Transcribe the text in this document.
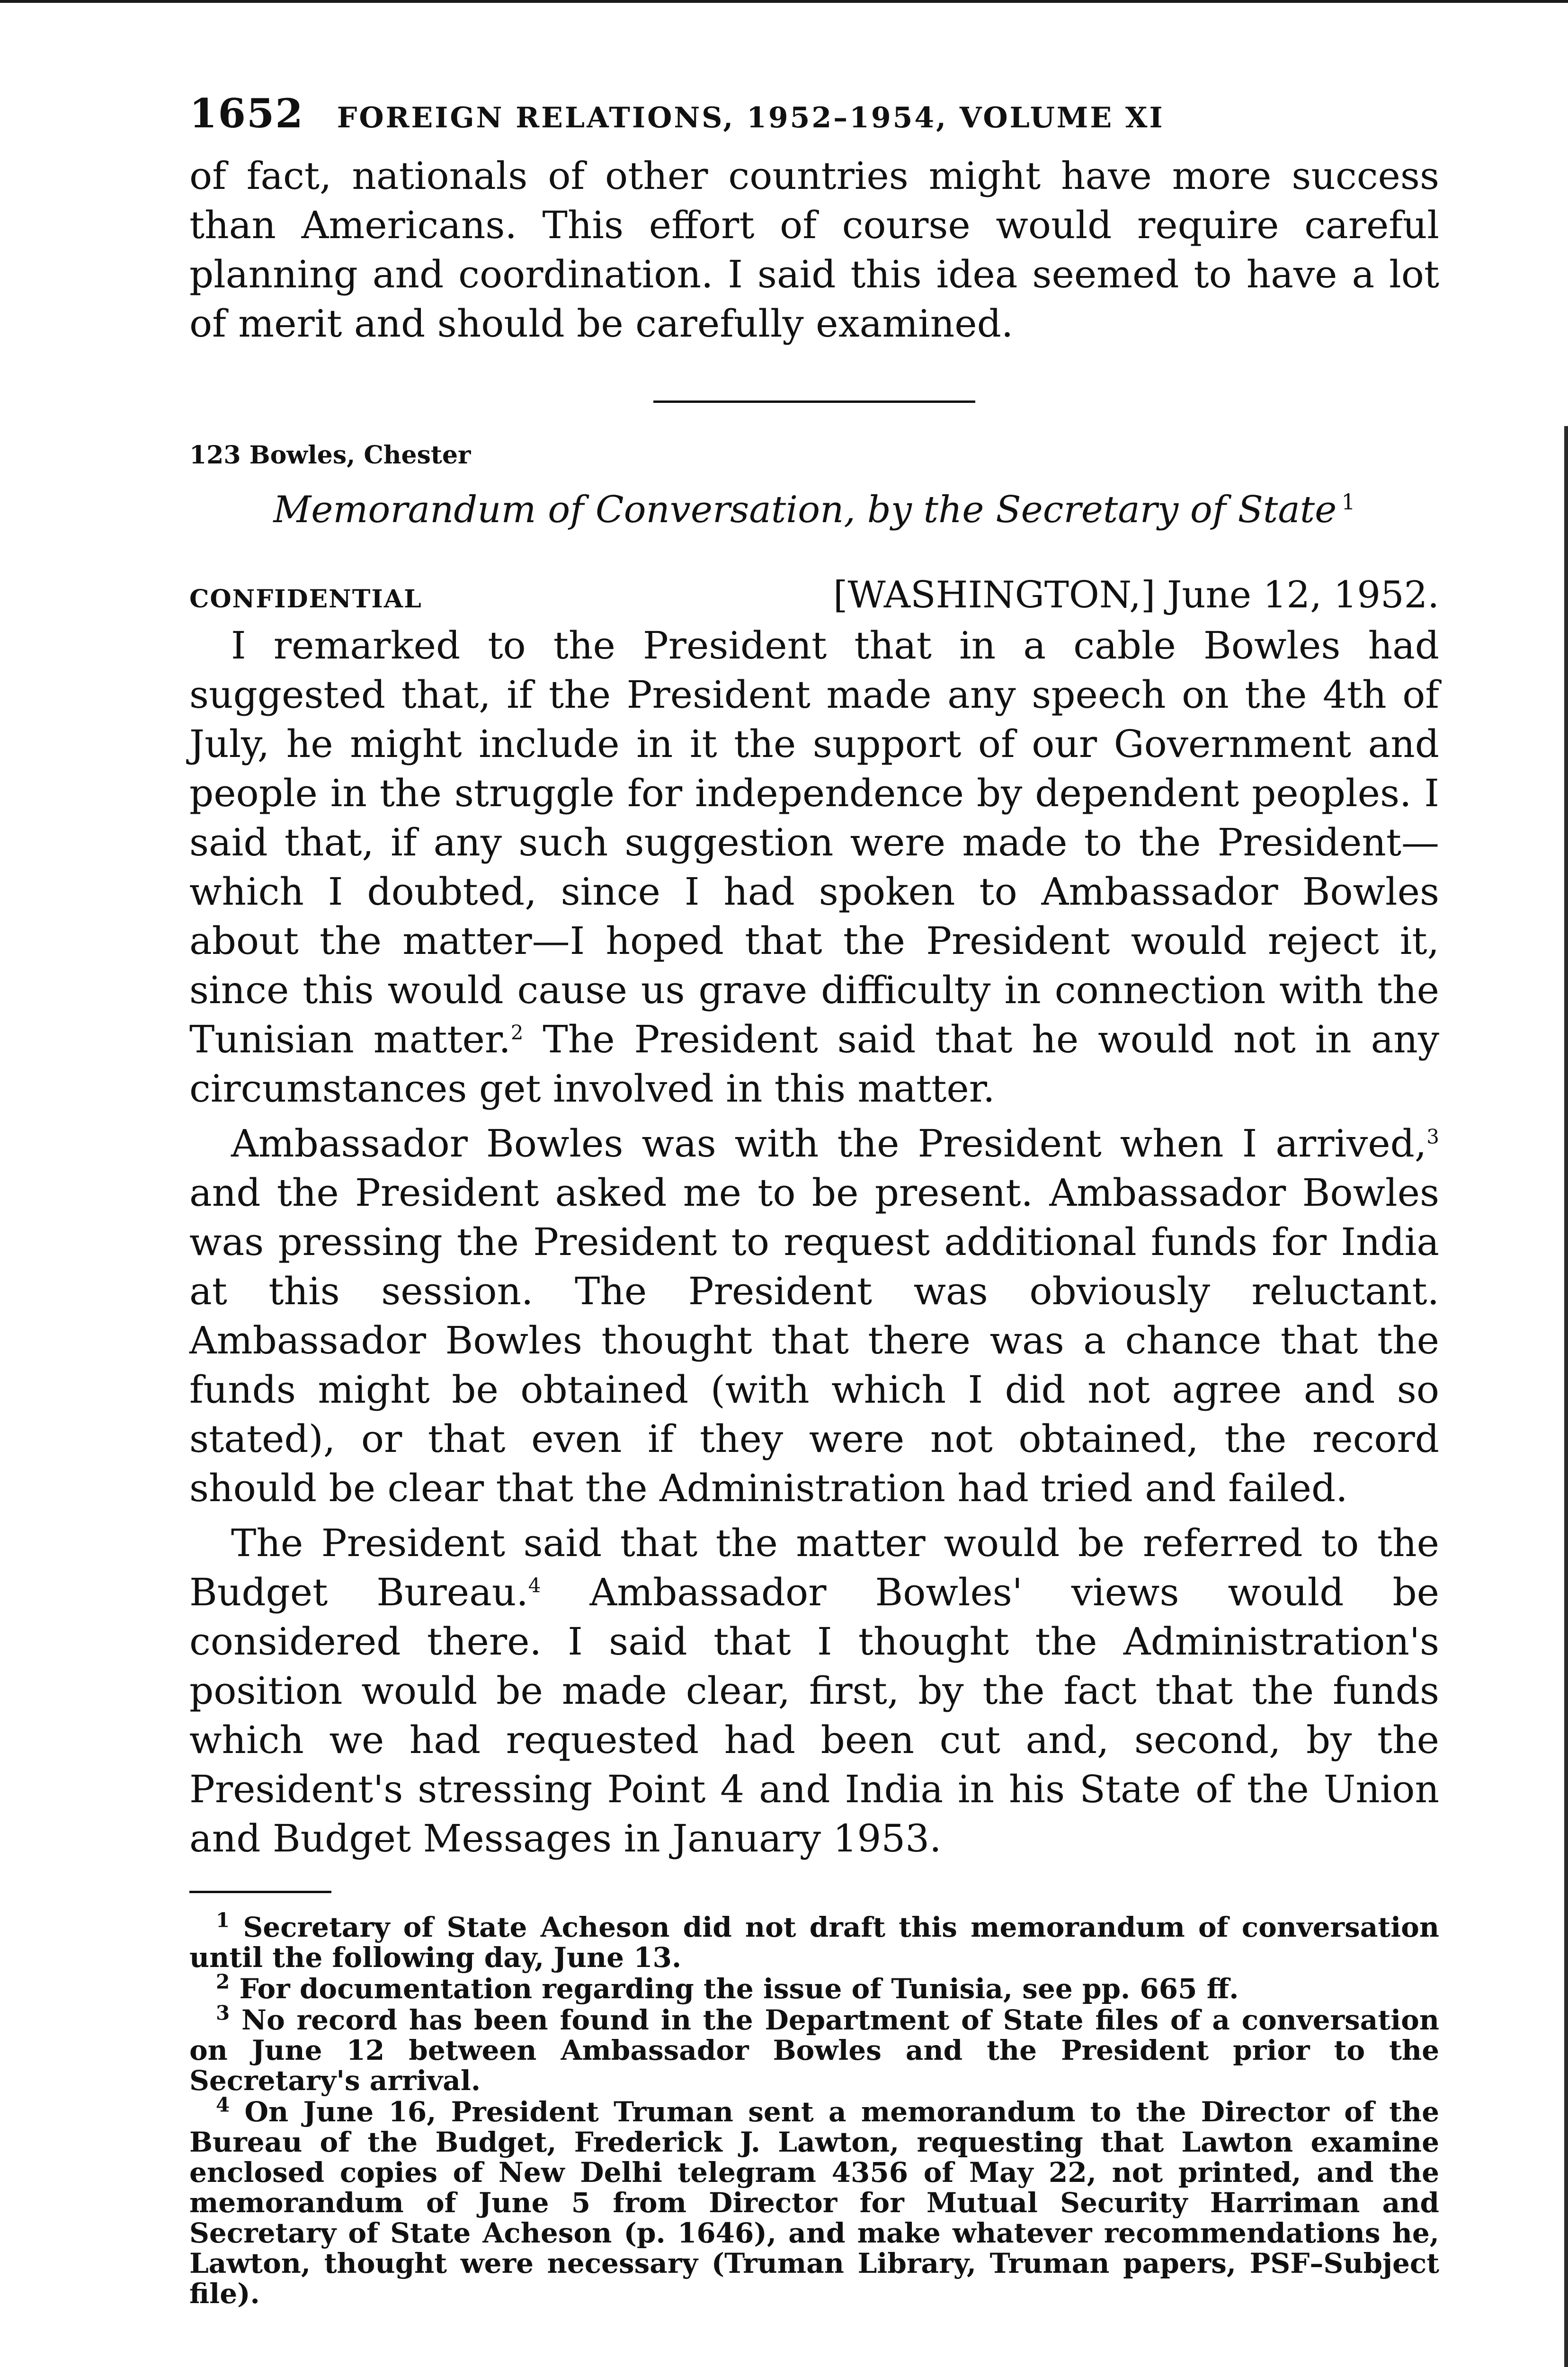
1652 FOREIGN RELATIONS, 1952–1954, VOLUME XI

of fact, nationals of other countries might have more success than Americans. This effort of course would require careful planning and coordination. I said this idea seemed to have a lot of merit and should be carefully examined.

123 Bowles, Chester

Memorandum of Conversation, by the Secretary of State $^1$

CONFIDENTIAL	[WASHINGTON,] June 12, 1952.

I remarked to the President that in a cable Bowles had suggested that, if the President made any speech on the 4th of July, he might include in it the support of our Government and people in the struggle for independence by dependent peoples. I said that, if any such suggestion were made to the President—which I doubted, since I had spoken to Ambassador Bowles about the matter—I hoped that the President would reject it, since this would cause us grave difficulty in connection with the Tunisian matter.$^2$ The President said that he would not in any circumstances get involved in this matter.

Ambassador Bowles was with the President when I arrived,$^3$ and the President asked me to be present. Ambassador Bowles was pressing the President to request additional funds for India at this session. The President was obviously reluctant. Ambassador Bowles thought that there was a chance that the funds might be obtained (with which I did not agree and so stated), or that even if they were not obtained, the record should be clear that the Administration had tried and failed.

The President said that the matter would be referred to the Budget Bureau.$^4$ Ambassador Bowles' views would be considered there. I said that I thought the Administration's position would be made clear, first, by the fact that the funds which we had requested had been cut and, second, by the President's stressing Point 4 and India in his State of the Union and Budget Messages in January 1953.

$^1$ Secretary of State Acheson did not draft this memorandum of conversation until the following day, June 13.

$^2$ For documentation regarding the issue of Tunisia, see pp. 665 ff.

$^3$ No record has been found in the Department of State files of a conversation on June 12 between Ambassador Bowles and the President prior to the Secretary's arrival.

$^4$ On June 16, President Truman sent a memorandum to the Director of the Bureau of the Budget, Frederick J. Lawton, requesting that Lawton examine enclosed copies of New Delhi telegram 4356 of May 22, not printed, and the memorandum of June 5 from Director for Mutual Security Harriman and Secretary of State Acheson (p. 1646), and make whatever recommendations he, Lawton, thought were necessary (Truman Library, Truman papers, PSF–Subject file).
